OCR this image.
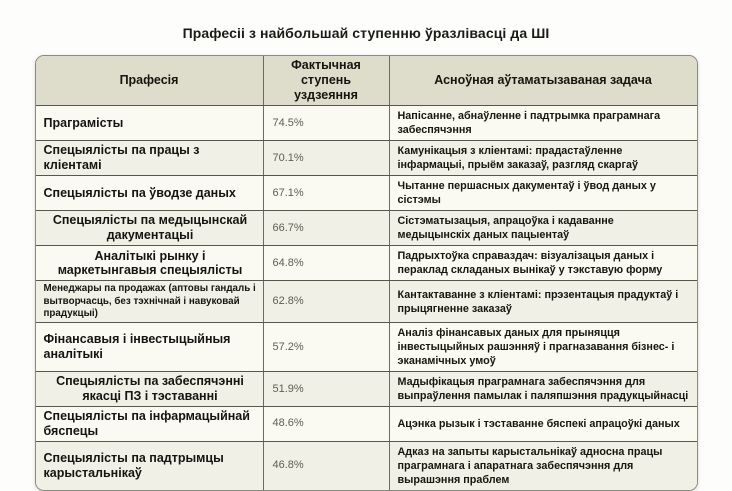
Прафесіі з найбольшай ступенню ўразлівасці да ШІ
Прафесія
Фактычная ступень уздзеяння
Асноўная аўтаматызаваная задача
Праграмісты	74.5%
Напісанне, абнаўленне і падтрымка праграмнага забеспячэння
Спецыялісты па працы з кліентамі
70.1%
Камунікацыя з кліентамі: прадастаўленне інфармацыі, прыём заказаў, разгляд скаргаў
Спецыялісты па ўводзе даных	67.1%
Чытанне першасных дакументаў і ўвод даных у сістэмы
Спецыялісты па медыцынскай дакументацыі
66.7%
Сістэматызацыя, апрацоўка і кадаванне медыцынскіх даных пацыентаў
Аналітыкі рынку і маркетынгавыя спецыялісты
64.8%
Падрыхтоўка справаздач: візуалізацыя даных і пераклад складаных вынікаў у тэкставую форму
Менеджары па продажах (аптовы гандаль і вытворчасць, без тэхнічнай і навуковай прадукцыі)
62.8%
Кантактаванне з кліентамі: прэзентацыя прадуктаў і прыцягненне заказаў
Фінансавыя і інвестыцыйныя аналітыкі
57.2%
Аналіз фінансавых даных для прыняцця інвестыцыйных рашэнняў і прагназавання бізнес- і эканамічных умоў
Спецыялісты па забеспячэнні якасці ПЗ і тэставанні
51.9%
Мадыфікацыя праграмнага забеспячэння для выпраўлення памылак і паляпшэння прадукцыйнасці
Спецыялісты па інфармацыйнай бяспецы
48.6%	Ацэнка рызык і тэставанне бяспекі апрацоўкі даных
Спецыялісты па падтрымцы карыстальнікаў
46.8%
Адказ на запыты карыстальнікаў адносна працы праграмнага і апаратнага забеспячэння для вырашэння праблем
